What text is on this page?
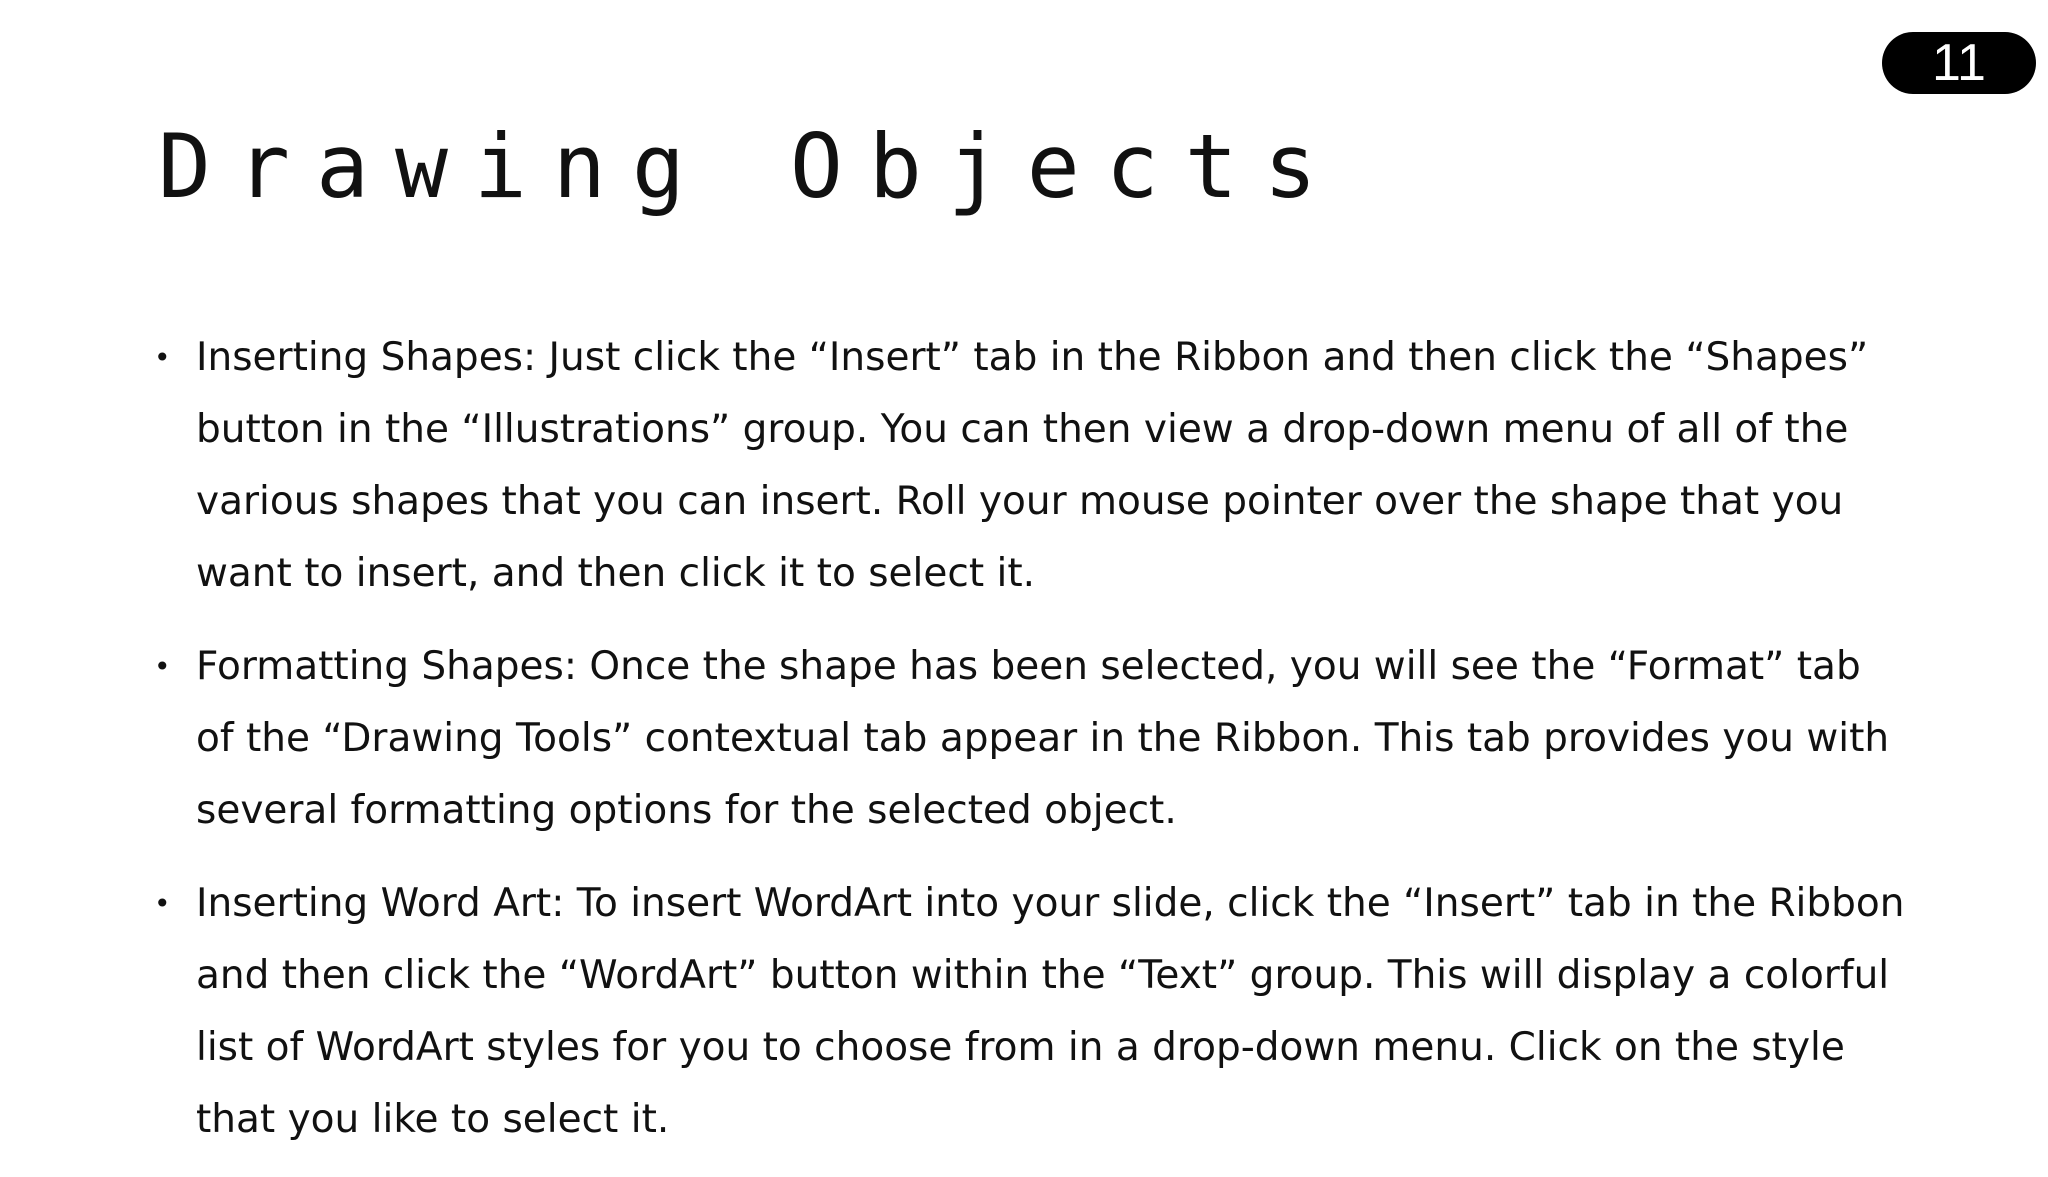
11
Drawing Objects
• Inserting Shapes: Just click the “Insert” tab in the Ribbon and then click the “Shapes” button in the “Illustrations” group. You can then view a drop-down menu of all of the various shapes that you can insert. Roll your mouse pointer over the shape that you want to insert, and then click it to select it.
• Formatting Shapes: Once the shape has been selected, you will see the “Format” tab of the “Drawing Tools” contextual tab appear in the Ribbon. This tab provides you with several formatting options for the selected object.
• Inserting Word Art: To insert WordArt into your slide, click the “Insert” tab in the Ribbon and then click the “WordArt” button within the “Text” group. This will display a colorful list of WordArt styles for you to choose from in a drop-down menu. Click on the style that you like to select it.
